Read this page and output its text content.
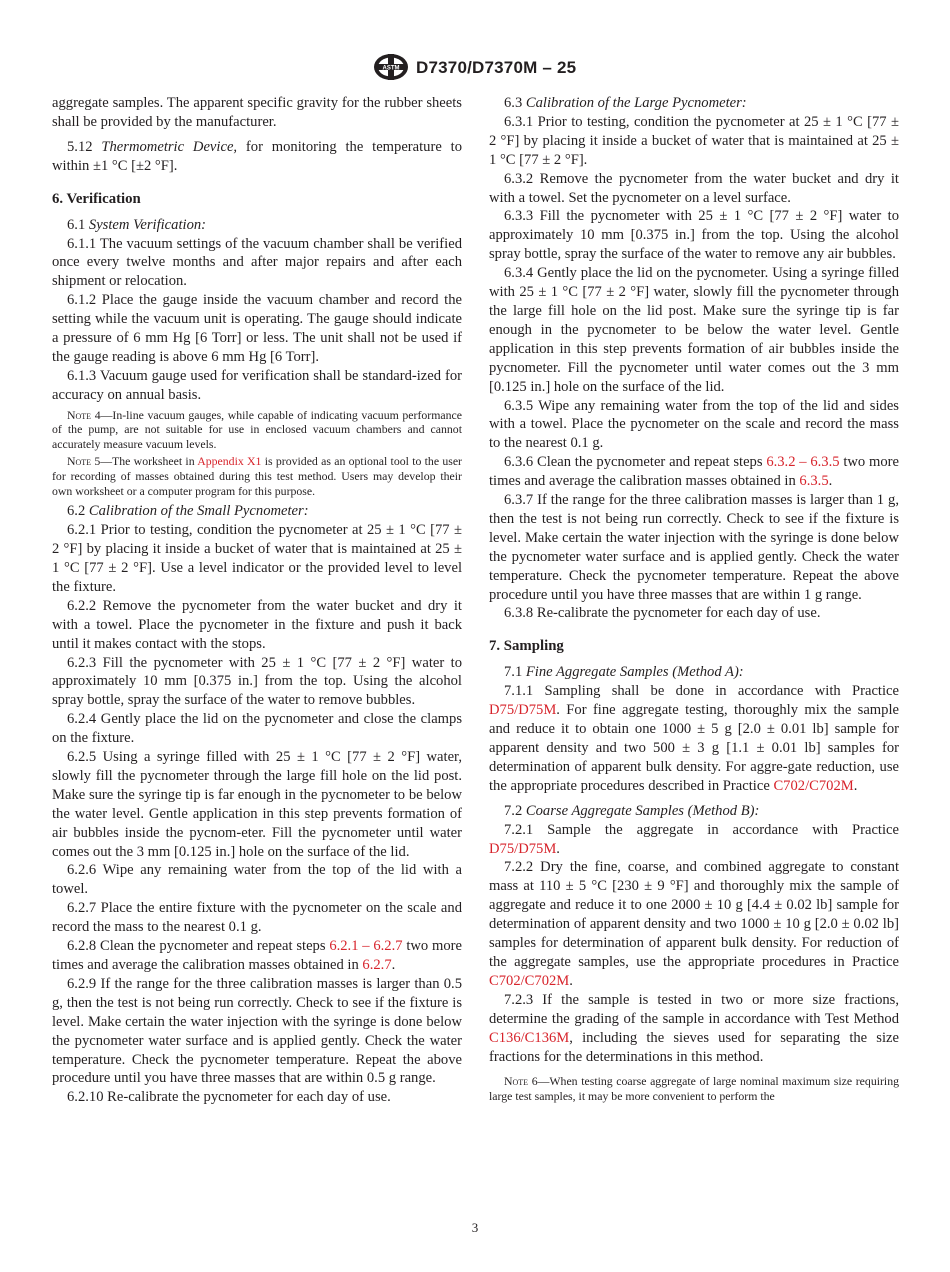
ASTM D7370/D7370M – 25

aggregate samples. The apparent specific gravity for the rubber sheets shall be provided by the manufacturer.

5.12 Thermometric Device, for monitoring the temperature to within ±1 °C [±2 °F].

6. Verification

6.1 System Verification:

6.1.1 The vacuum settings of the vacuum chamber shall be verified once every twelve months and after major repairs and after each shipment or relocation.

6.1.2 Place the gauge inside the vacuum chamber and record the setting while the vacuum unit is operating. The gauge should indicate a pressure of 6 mm Hg [6 Torr] or less. The unit shall not be used if the gauge reading is above 6 mm Hg [6 Torr].

6.1.3 Vacuum gauge used for verification shall be standard-ized for accuracy on annual basis.

Note 4—In-line vacuum gauges, while capable of indicating vacuum performance of the pump, are not suitable for use in enclosed vacuum chambers and cannot accurately measure vacuum levels.

Note 5—The worksheet in Appendix X1 is provided as an optional tool to the user for recording of masses obtained during this test method. Users may develop their own worksheet or a computer program for this purpose.

6.2 Calibration of the Small Pycnometer:

6.2.1 Prior to testing, condition the pycnometer at 25 ± 1 °C [77 ± 2 °F] by placing it inside a bucket of water that is maintained at 25 ± 1 °C [77 ± 2 °F]. Use a level indicator or the provided level to level the fixture.

6.2.2 Remove the pycnometer from the water bucket and dry it with a towel. Place the pycnometer in the fixture and push it back until it makes contact with the stops.

6.2.3 Fill the pycnometer with 25 ± 1 °C [77 ± 2 °F] water to approximately 10 mm [0.375 in.] from the top. Using the alcohol spray bottle, spray the surface of the water to remove bubbles.

6.2.4 Gently place the lid on the pycnometer and close the clamps on the fixture.

6.2.5 Using a syringe filled with 25 ± 1 °C [77 ± 2 °F] water, slowly fill the pycnometer through the large fill hole on the lid post. Make sure the syringe tip is far enough in the pycnometer to be below the water level. Gentle application in this step prevents formation of air bubbles inside the pycnom-eter. Fill the pycnometer until water comes out the 3 mm [0.125 in.] hole on the surface of the lid.

6.2.6 Wipe any remaining water from the top of the lid with a towel.

6.2.7 Place the entire fixture with the pycnometer on the scale and record the mass to the nearest 0.1 g.

6.2.8 Clean the pycnometer and repeat steps 6.2.1 – 6.2.7 two more times and average the calibration masses obtained in 6.2.7.

6.2.9 If the range for the three calibration masses is larger than 0.5 g, then the test is not being run correctly. Check to see if the fixture is level. Make certain the water injection with the syringe is done below the pycnometer water surface and is applied gently. Check the water temperature. Check the pycnometer temperature. Repeat the above procedure until you have three masses that are within 0.5 g range.

6.2.10 Re-calibrate the pycnometer for each day of use.

6.3 Calibration of the Large Pycnometer:

6.3.1 Prior to testing, condition the pycnometer at 25 ± 1 °C [77 ± 2 °F] by placing it inside a bucket of water that is maintained at 25 ± 1 °C [77 ± 2 °F].

6.3.2 Remove the pycnometer from the water bucket and dry it with a towel. Set the pycnometer on a level surface.

6.3.3 Fill the pycnometer with 25 ± 1 °C [77 ± 2 °F] water to approximately 10 mm [0.375 in.] from the top. Using the alcohol spray bottle, spray the surface of the water to remove any air bubbles.

6.3.4 Gently place the lid on the pycnometer. Using a syringe filled with 25 ± 1 °C [77 ± 2 °F] water, slowly fill the pycnometer through the large fill hole on the lid post. Make sure the syringe tip is far enough in the pycnometer to be below the water level. Gentle application in this step prevents formation of air bubbles inside the pycnometer. Fill the pycnometer until water comes out the 3 mm [0.125 in.] hole on the surface of the lid.

6.3.5 Wipe any remaining water from the top of the lid and sides with a towel. Place the pycnometer on the scale and record the mass to the nearest 0.1 g.

6.3.6 Clean the pycnometer and repeat steps 6.3.2 – 6.3.5 two more times and average the calibration masses obtained in 6.3.5.

6.3.7 If the range for the three calibration masses is larger than 1 g, then the test is not being run correctly. Check to see if the fixture is level. Make certain the water injection with the syringe is done below the pycnometer water surface and is applied gently. Check the water temperature. Check the pycnometer temperature. Repeat the above procedure until you have three masses that are within 1 g range.

6.3.8 Re-calibrate the pycnometer for each day of use.

7. Sampling

7.1 Fine Aggregate Samples (Method A):

7.1.1 Sampling shall be done in accordance with Practice D75/D75M. For fine aggregate testing, thoroughly mix the sample and reduce it to obtain one 1000 ± 5 g [2.0 ± 0.01 lb] sample for apparent density and two 500 ± 3 g [1.1 ± 0.01 lb] samples for determination of apparent bulk density. For aggre-gate reduction, use the appropriate procedures described in Practice C702/C702M.

7.2 Coarse Aggregate Samples (Method B):

7.2.1 Sample the aggregate in accordance with Practice D75/D75M.

7.2.2 Dry the fine, coarse, and combined aggregate to constant mass at 110 ± 5 °C [230 ± 9 °F] and thoroughly mix the sample of aggregate and reduce it to one 2000 ± 10 g [4.4 ± 0.02 lb] sample for determination of apparent density and two 1000 ± 10 g [2.0 ± 0.02 lb] samples for determination of apparent bulk density. For reduction of the aggregate samples, use the appropriate procedures in Practice C702/C702M.

7.2.3 If the sample is tested in two or more size fractions, determine the grading of the sample in accordance with Test Method C136/C136M, including the sieves used for separating the size fractions for the determinations in this method.

Note 6—When testing coarse aggregate of large nominal maximum size requiring large test samples, it may be more convenient to perform the

3
